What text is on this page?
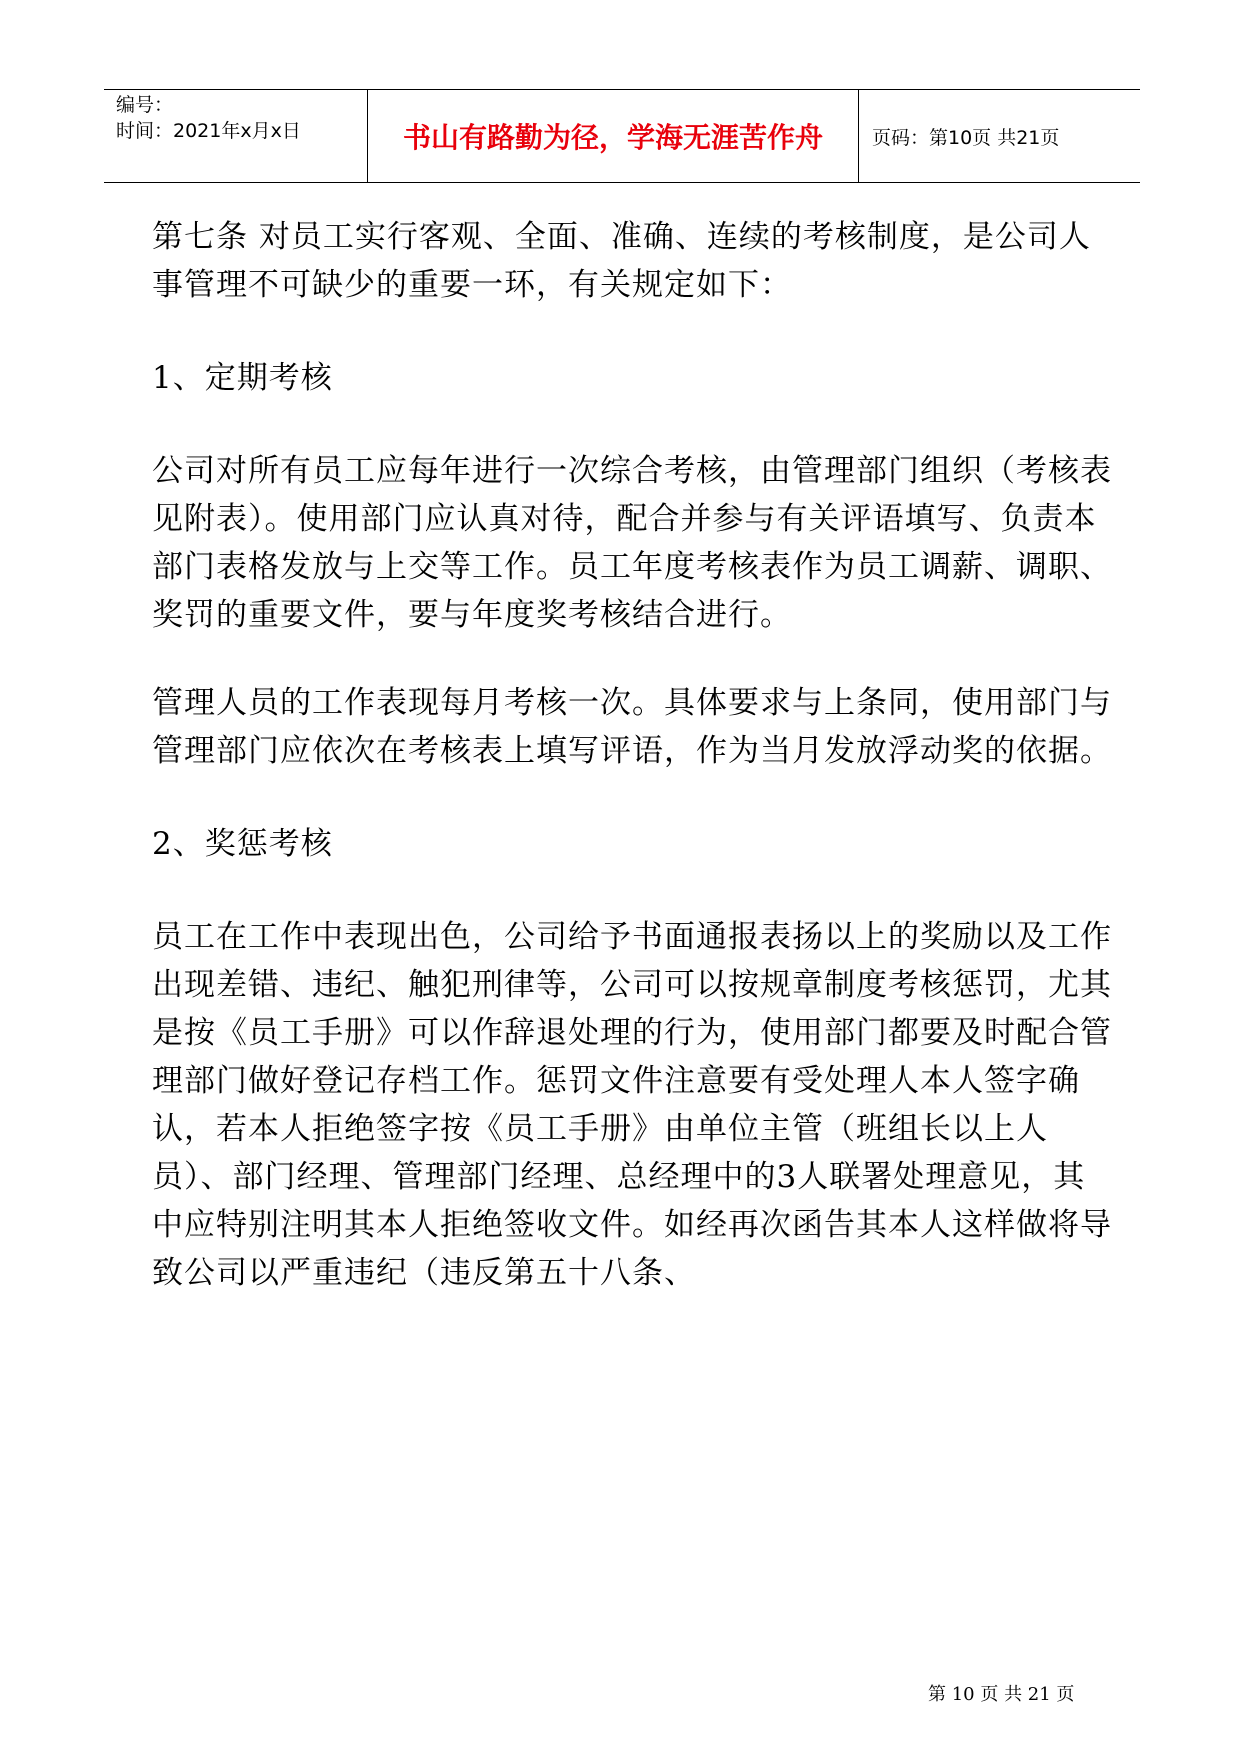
编号：
时间：2021年x月x日	书山有路勤为径，学海无涯苦作舟	页码：第10页 共21页

第七条 对员工实行客观、全面、准确、连续的考核制度，是公司人事管理不可缺少的重要一环，有关规定如下：

1、定期考核

公司对所有员工应每年进行一次综合考核，由管理部门组织（考核表见附表）。使用部门应认真对待，配合并参与有关评语填写、负责本部门表格发放与上交等工作。员工年度考核表作为员工调薪、调职、奖罚的重要文件，要与年度奖考核结合进行。

管理人员的工作表现每月考核一次。具体要求与上条同，使用部门与管理部门应依次在考核表上填写评语，作为当月发放浮动奖的依据。

2、奖惩考核

员工在工作中表现出色，公司给予书面通报表扬以上的奖励以及工作出现差错、违纪、触犯刑律等，公司可以按规章制度考核惩罚，尤其是按《员工手册》可以作辞退处理的行为，使用部门都要及时配合管理部门做好登记存档工作。惩罚文件注意要有受处理人本人签字确认，若本人拒绝签字按《员工手册》由单位主管（班组长以上人员）、部门经理、管理部门经理、总经理中的3人联署处理意见，其中应特别注明其本人拒绝签收文件。如经再次函告其本人这样做将导致公司以严重违纪（违反第五十八条、

第 10 页 共 21 页
